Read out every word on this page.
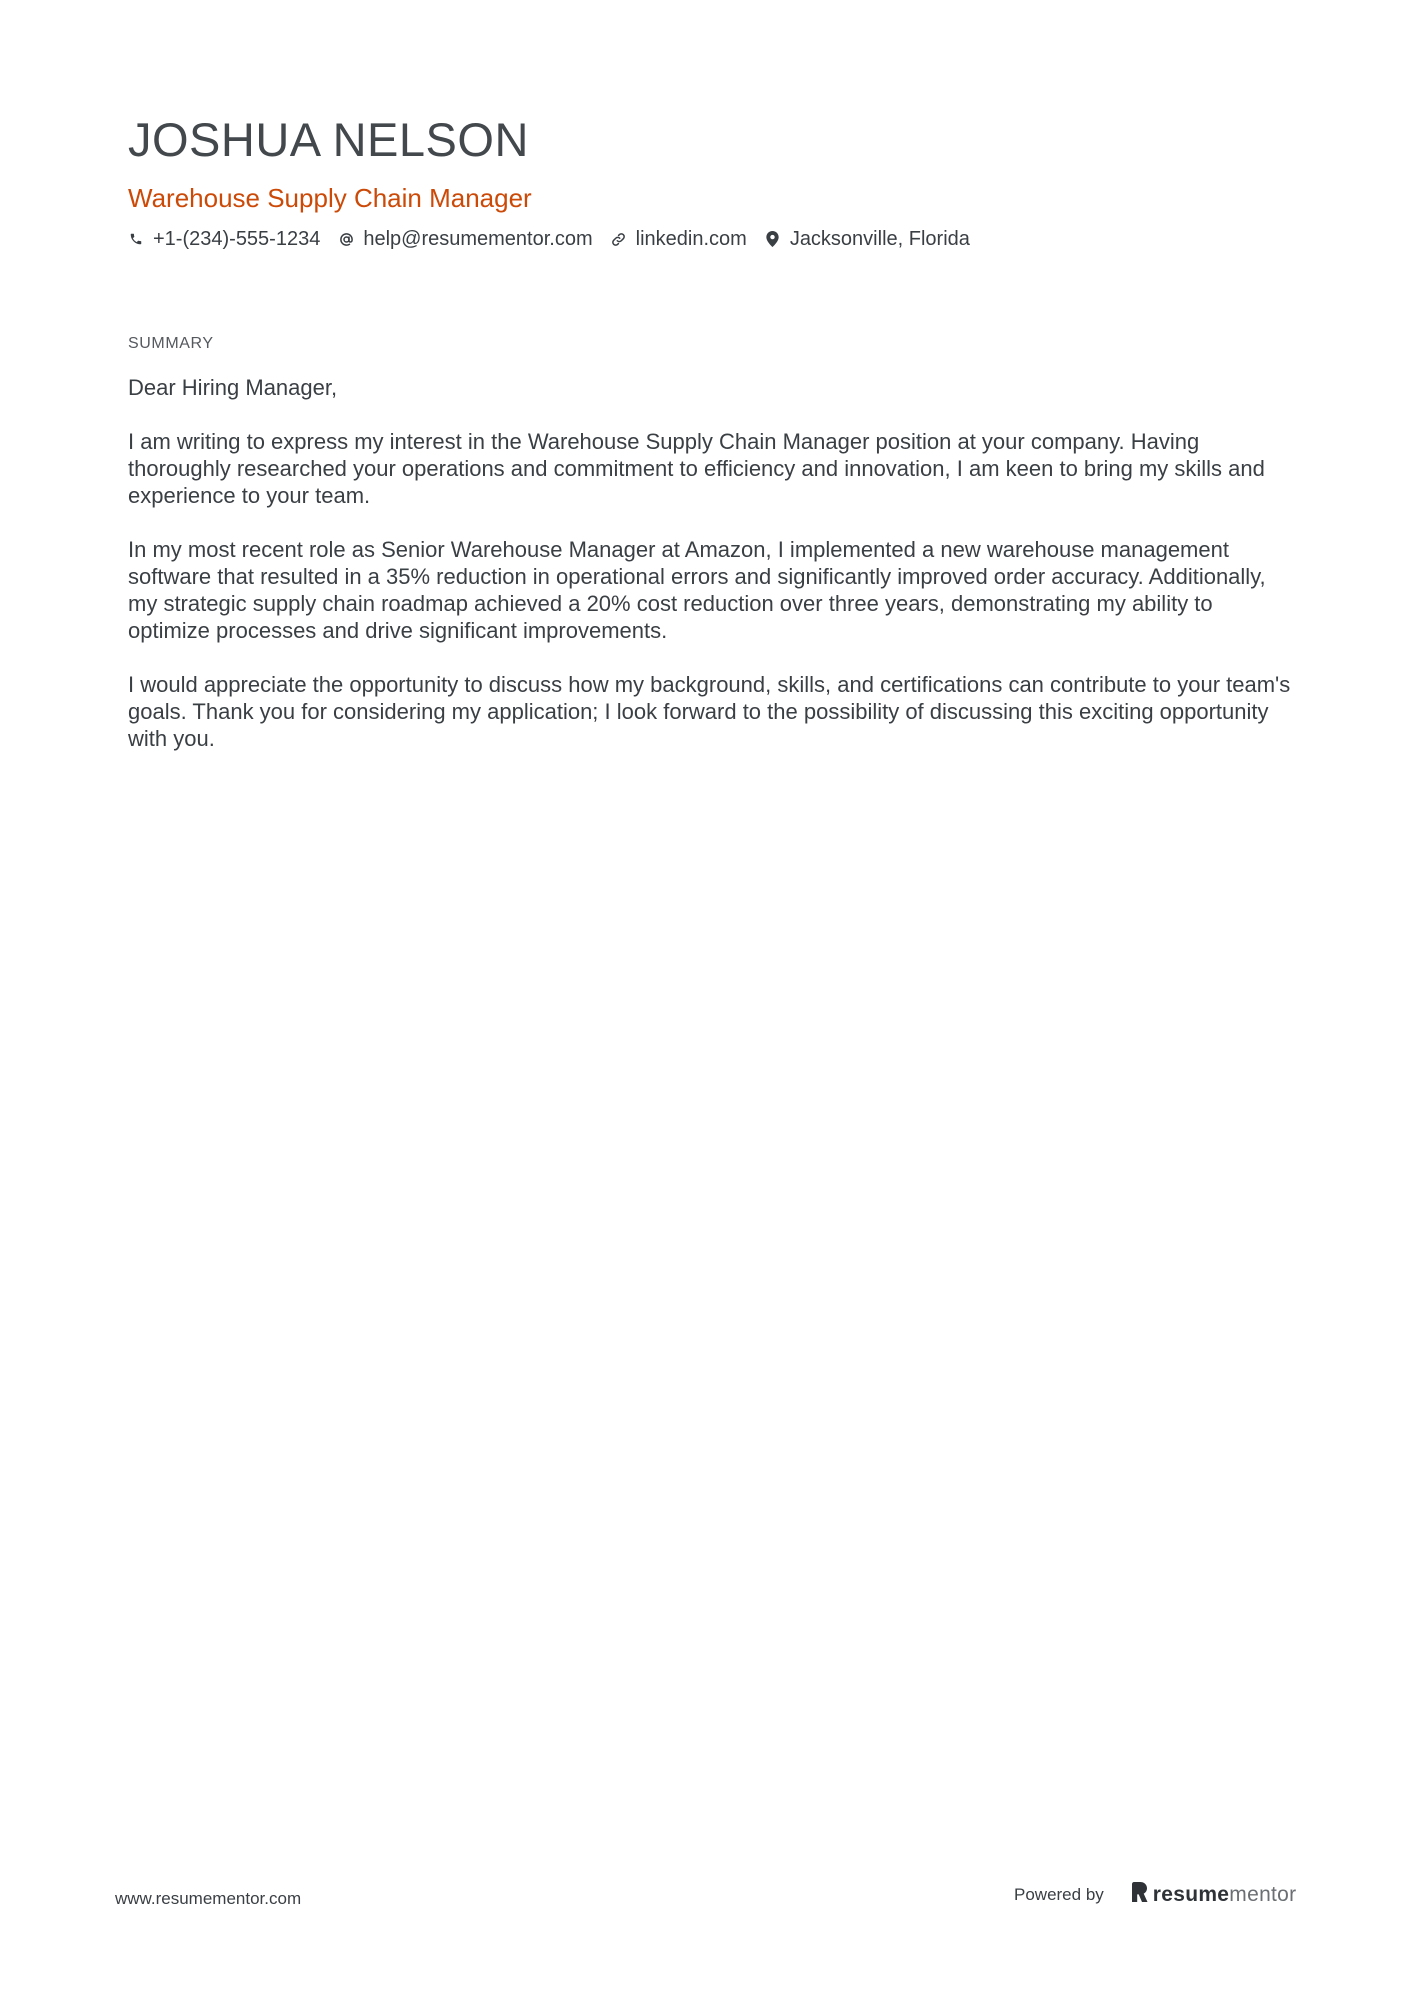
JOSHUA NELSON
Warehouse Supply Chain Manager
+1-(234)-555-1234 help@resumementor.com linkedin.com Jacksonville, Florida
SUMMARY

Dear Hiring Manager,

I am writing to express my interest in the Warehouse Supply Chain Manager position at your company. Having thoroughly researched your operations and commitment to efficiency and innovation, I am keen to bring my skills and experience to your team.

In my most recent role as Senior Warehouse Manager at Amazon, I implemented a new warehouse management software that resulted in a 35% reduction in operational errors and significantly improved order accuracy. Additionally, my strategic supply chain roadmap achieved a 20% cost reduction over three years, demonstrating my ability to optimize processes and drive significant improvements.

I would appreciate the opportunity to discuss how my background, skills, and certifications can contribute to your team's goals. Thank you for considering my application; I look forward to the possibility of discussing this exciting opportunity with you.

www.resumementor.com	Powered by resume mentor
